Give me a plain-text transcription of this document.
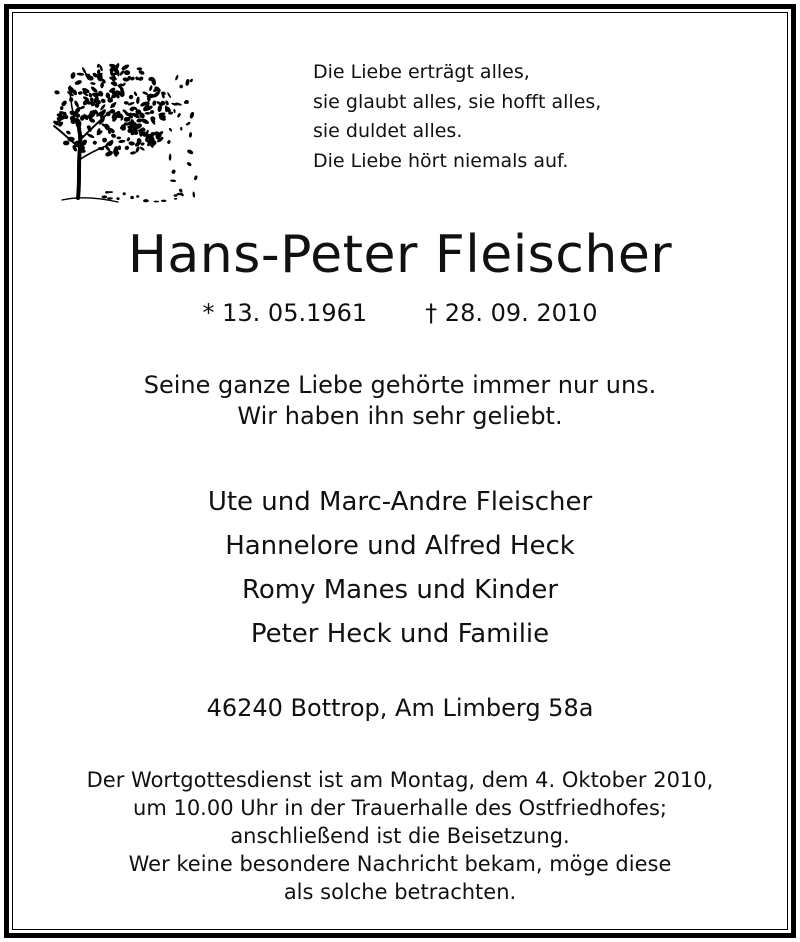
Die Liebe erträgt alles,
sie glaubt alles, sie hofft alles,
sie duldet alles.
Die Liebe hört niemals auf.
Hans-Peter Fleischer
* 13. 05.1961 † 28. 09. 2010
Seine ganze Liebe gehörte immer nur uns.
Wir haben ihn sehr geliebt.
Ute und Marc-Andre Fleischer
Hannelore und Alfred Heck
Romy Manes und Kinder
Peter Heck und Familie
46240 Bottrop, Am Limberg 58a
Der Wortgottesdienst ist am Montag, dem 4. Oktober 2010,
um 10.00 Uhr in der Trauerhalle des Ostfriedhofes;
anschließend ist die Beisetzung.
Wer keine besondere Nachricht bekam, möge diese
als solche betrachten.
